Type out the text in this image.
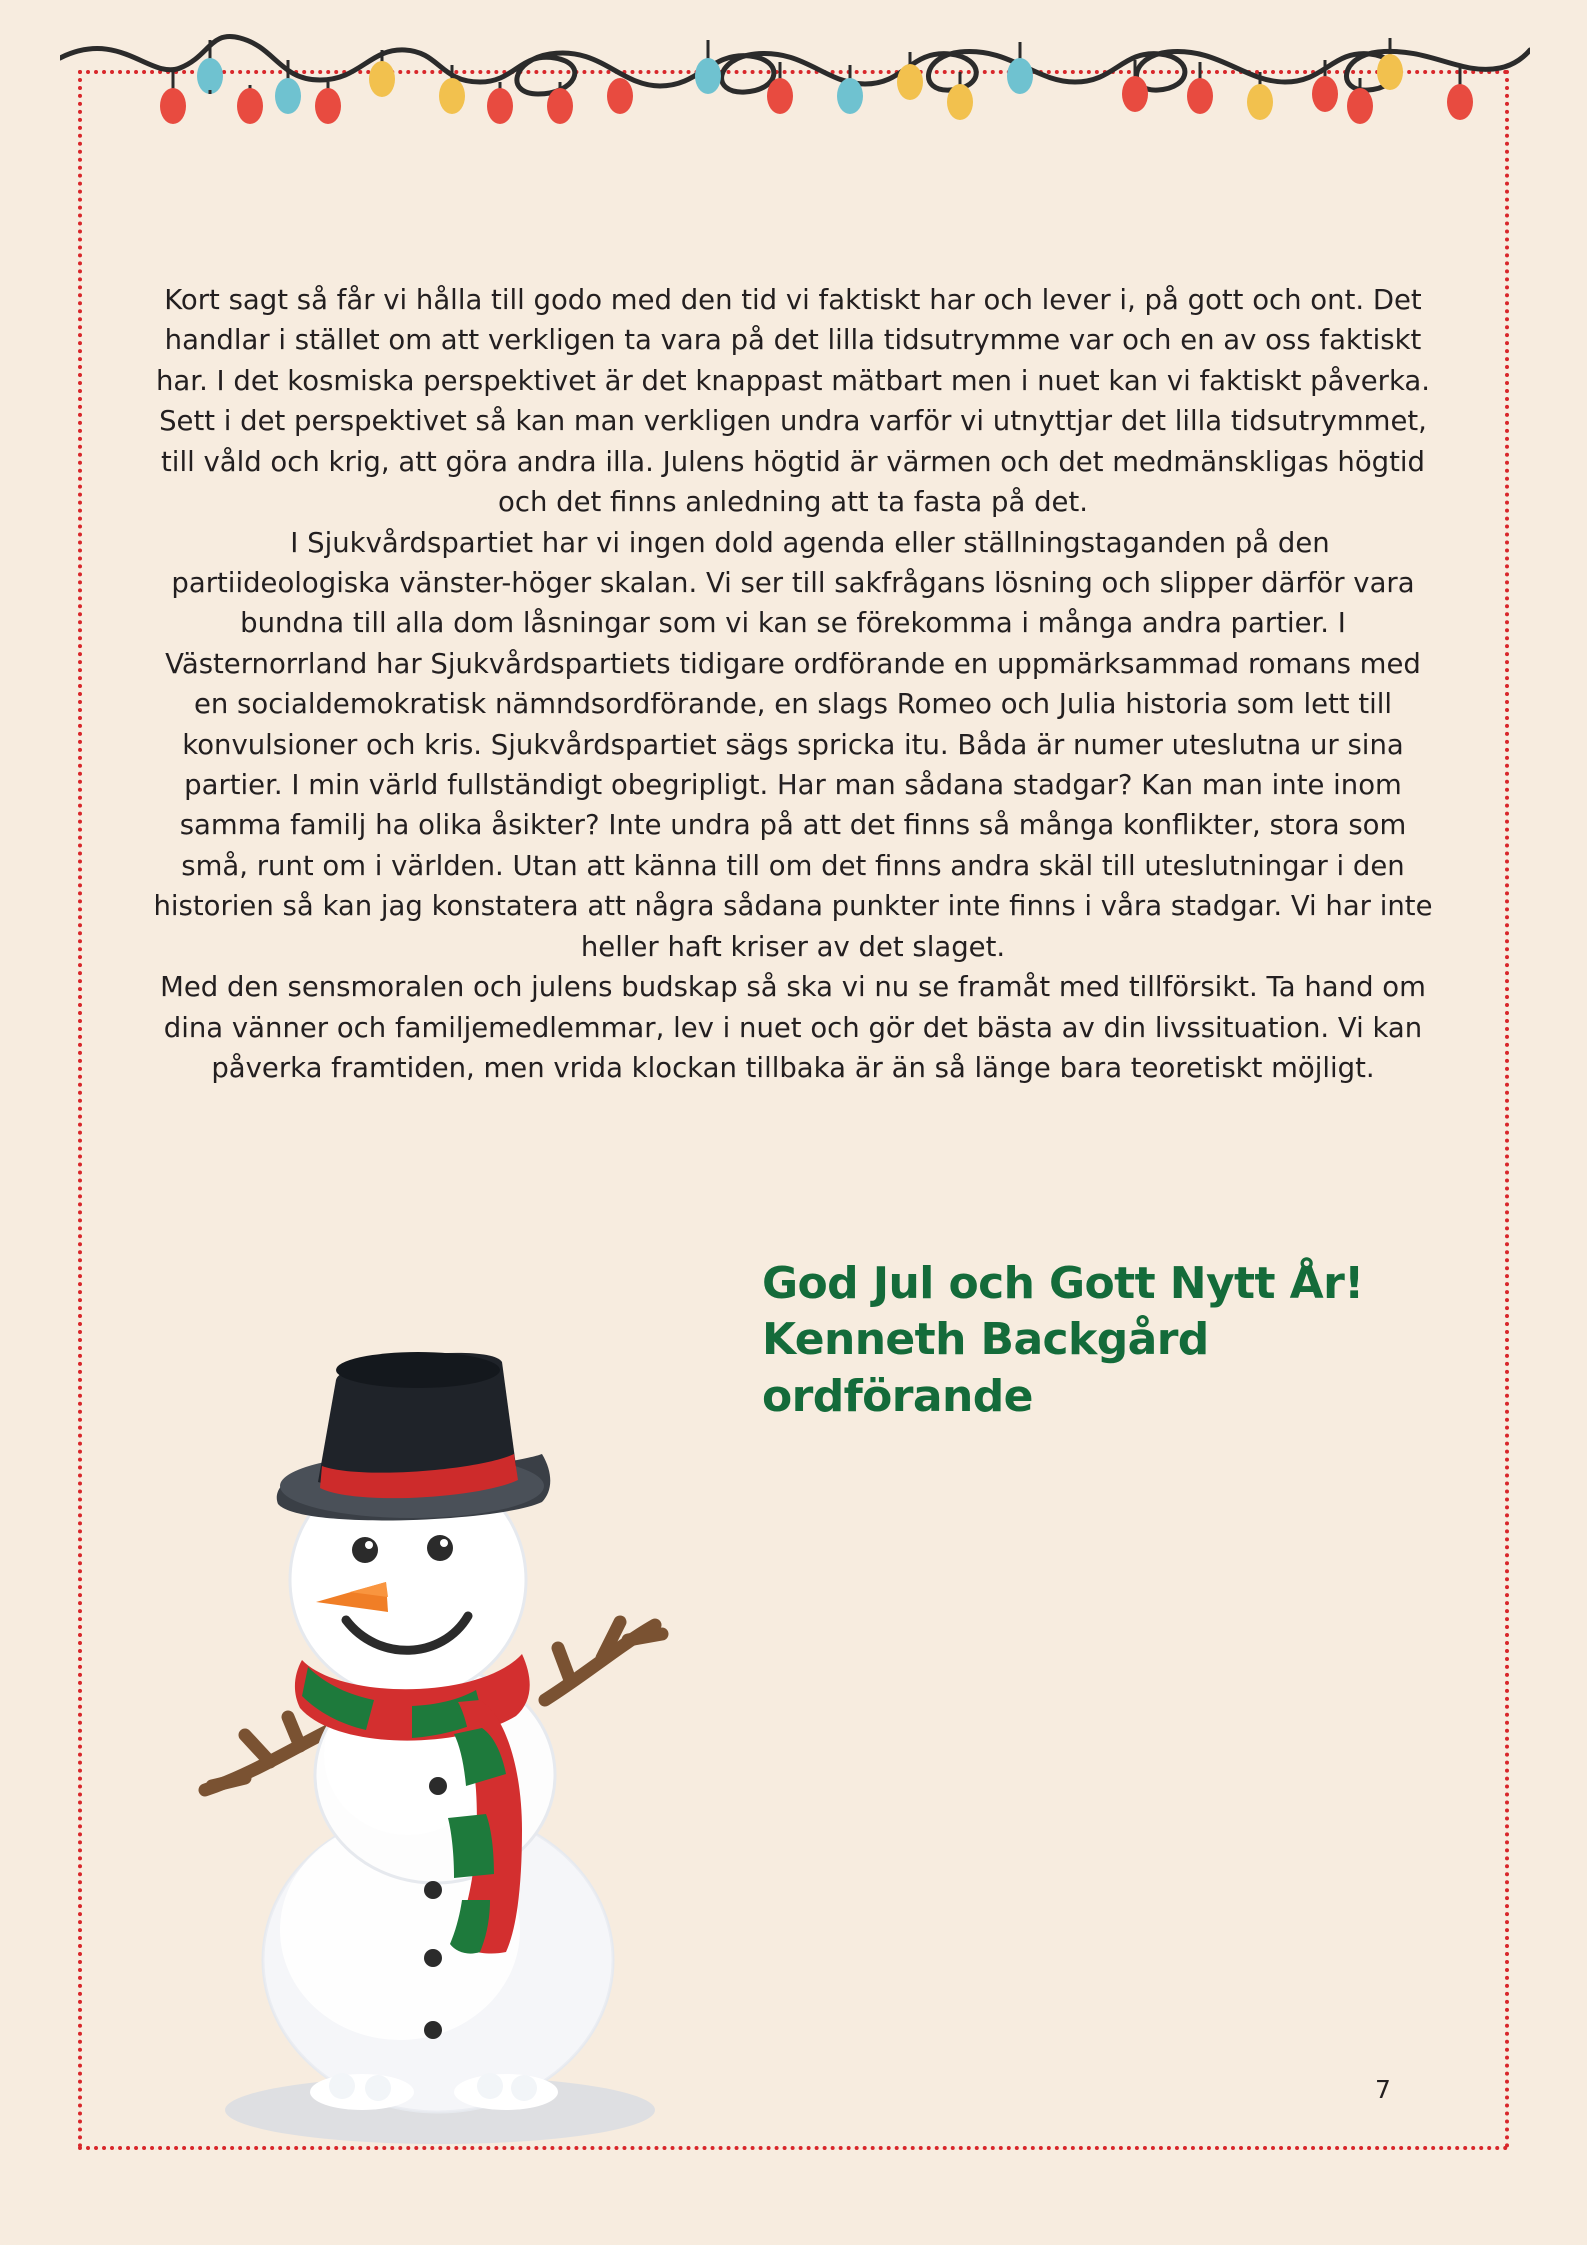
Kort sagt så får vi hålla till godo med den tid vi faktiskt har och lever i, på gott och ont. Det handlar i stället om att verkligen ta vara på det lilla tidsutrymme var och en av oss faktiskt har. I det kosmiska perspektivet är det knappast mätbart men i nuet kan vi faktiskt påverka. Sett i det perspektivet så kan man verkligen undra varför vi utnyttjar det lilla tidsutrymmet, till våld och krig, att göra andra illa. Julens högtid är värmen och det medmänskligas högtid och det finns anledning att ta fasta på det.

I Sjukvårdspartiet har vi ingen dold agenda eller ställningstaganden på den partiideologiska vänster-höger skalan. Vi ser till sakfrågans lösning och slipper därför vara bundna till alla dom låsningar som vi kan se förekomma i många andra partier. I Västernorrland har Sjukvårdspartiets tidigare ordförande en uppmärksammad romans med en socialdemokratisk nämndsordförande, en slags Romeo och Julia historia som lett till konvulsioner och kris. Sjukvårdspartiet sägs spricka itu. Båda är numer uteslutna ur sina partier. I min värld fullständigt obegripligt. Har man sådana stadgar? Kan man inte inom samma familj ha olika åsikter? Inte undra på att det finns så många konflikter, stora som små, runt om i världen. Utan att känna till om det finns andra skäl till uteslutningar i den historien så kan jag konstatera att några sådana punkter inte finns i våra stadgar. Vi har inte heller haft kriser av det slaget.

Med den sensmoralen och julens budskap så ska vi nu se framåt med tillförsikt. Ta hand om dina vänner och familjemedlemmar, lev i nuet och gör det bästa av din livssituation. Vi kan påverka framtiden, men vrida klockan tillbaka är än så länge bara teoretiskt möjligt.

God Jul och Gott Nytt År!
Kenneth Backgård
ordförande
7
